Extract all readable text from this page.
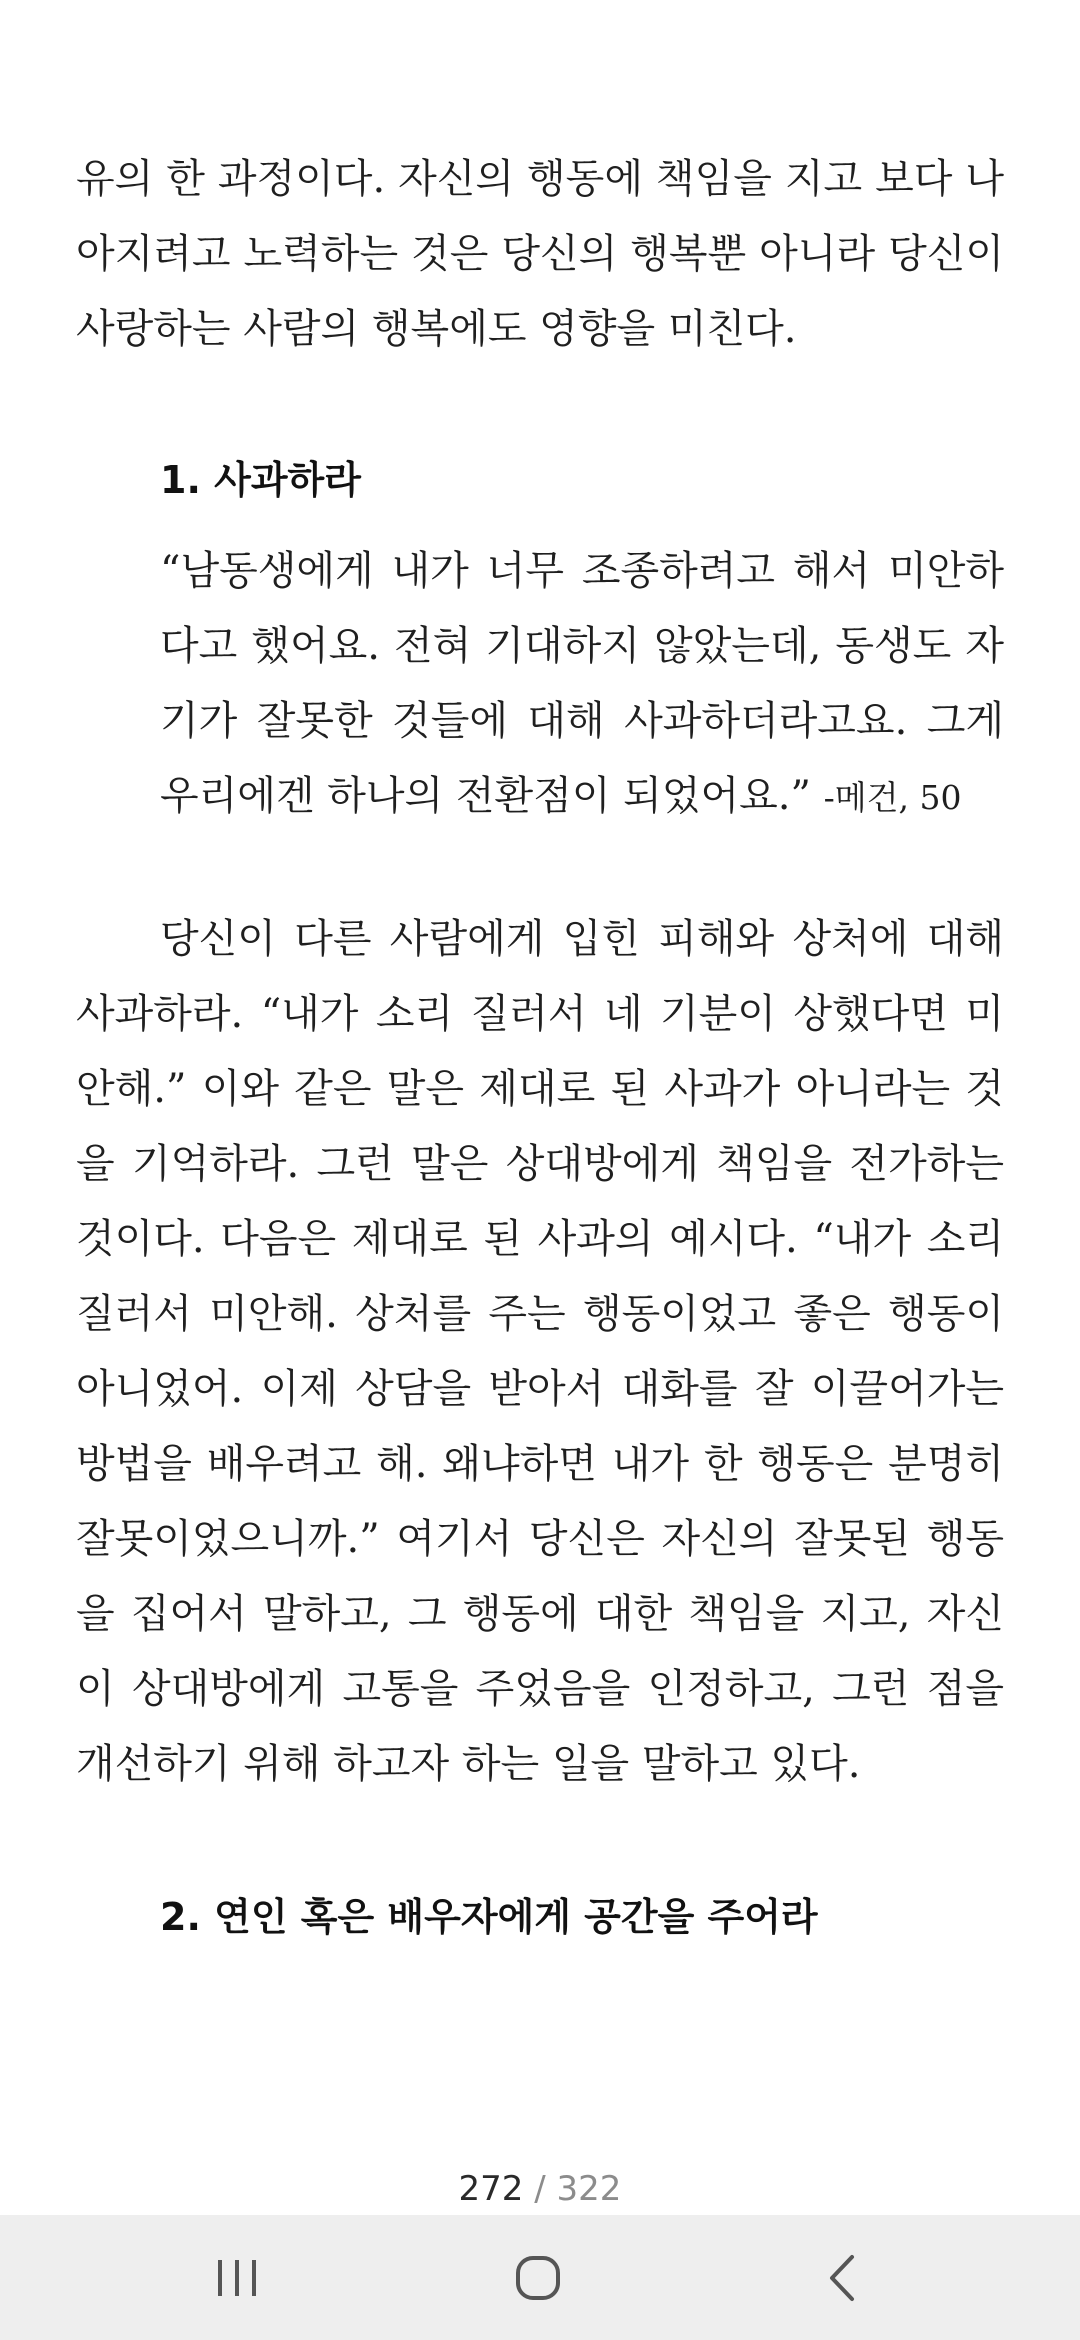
유의 한 과정이다. 자신의 행동에 책임을 지고 보다 나아지려고 노력하는 것은 당신의 행복뿐 아니라 당신이 사랑하는 사람의 행복에도 영향을 미친다.

1. 사과하라

“남동생에게 내가 너무 조종하려고 해서 미안하다고 했어요. 전혀 기대하지 않았는데, 동생도 자기가 잘못한 것들에 대해 사과하더라고요. 그게 우리에겐 하나의 전환점이 되었어요.” -메건, 50

당신이 다른 사람에게 입힌 피해와 상처에 대해 사과하라. “내가 소리 질러서 네 기분이 상했다면 미안해.” 이와 같은 말은 제대로 된 사과가 아니라는 것을 기억하라. 그런 말은 상대방에게 책임을 전가하는 것이다. 다음은 제대로 된 사과의 예시다. “내가 소리 질러서 미안해. 상처를 주는 행동이었고 좋은 행동이 아니었어. 이제 상담을 받아서 대화를 잘 이끌어가는 방법을 배우려고 해. 왜냐하면 내가 한 행동은 분명히 잘못이었으니까.” 여기서 당신은 자신의 잘못된 행동을 집어서 말하고, 그 행동에 대한 책임을 지고, 자신이 상대방에게 고통을 주었음을 인정하고, 그런 점을 개선하기 위해 하고자 하는 일을 말하고 있다.

2. 연인 혹은 배우자에게 공간을 주어라
272 / 322
